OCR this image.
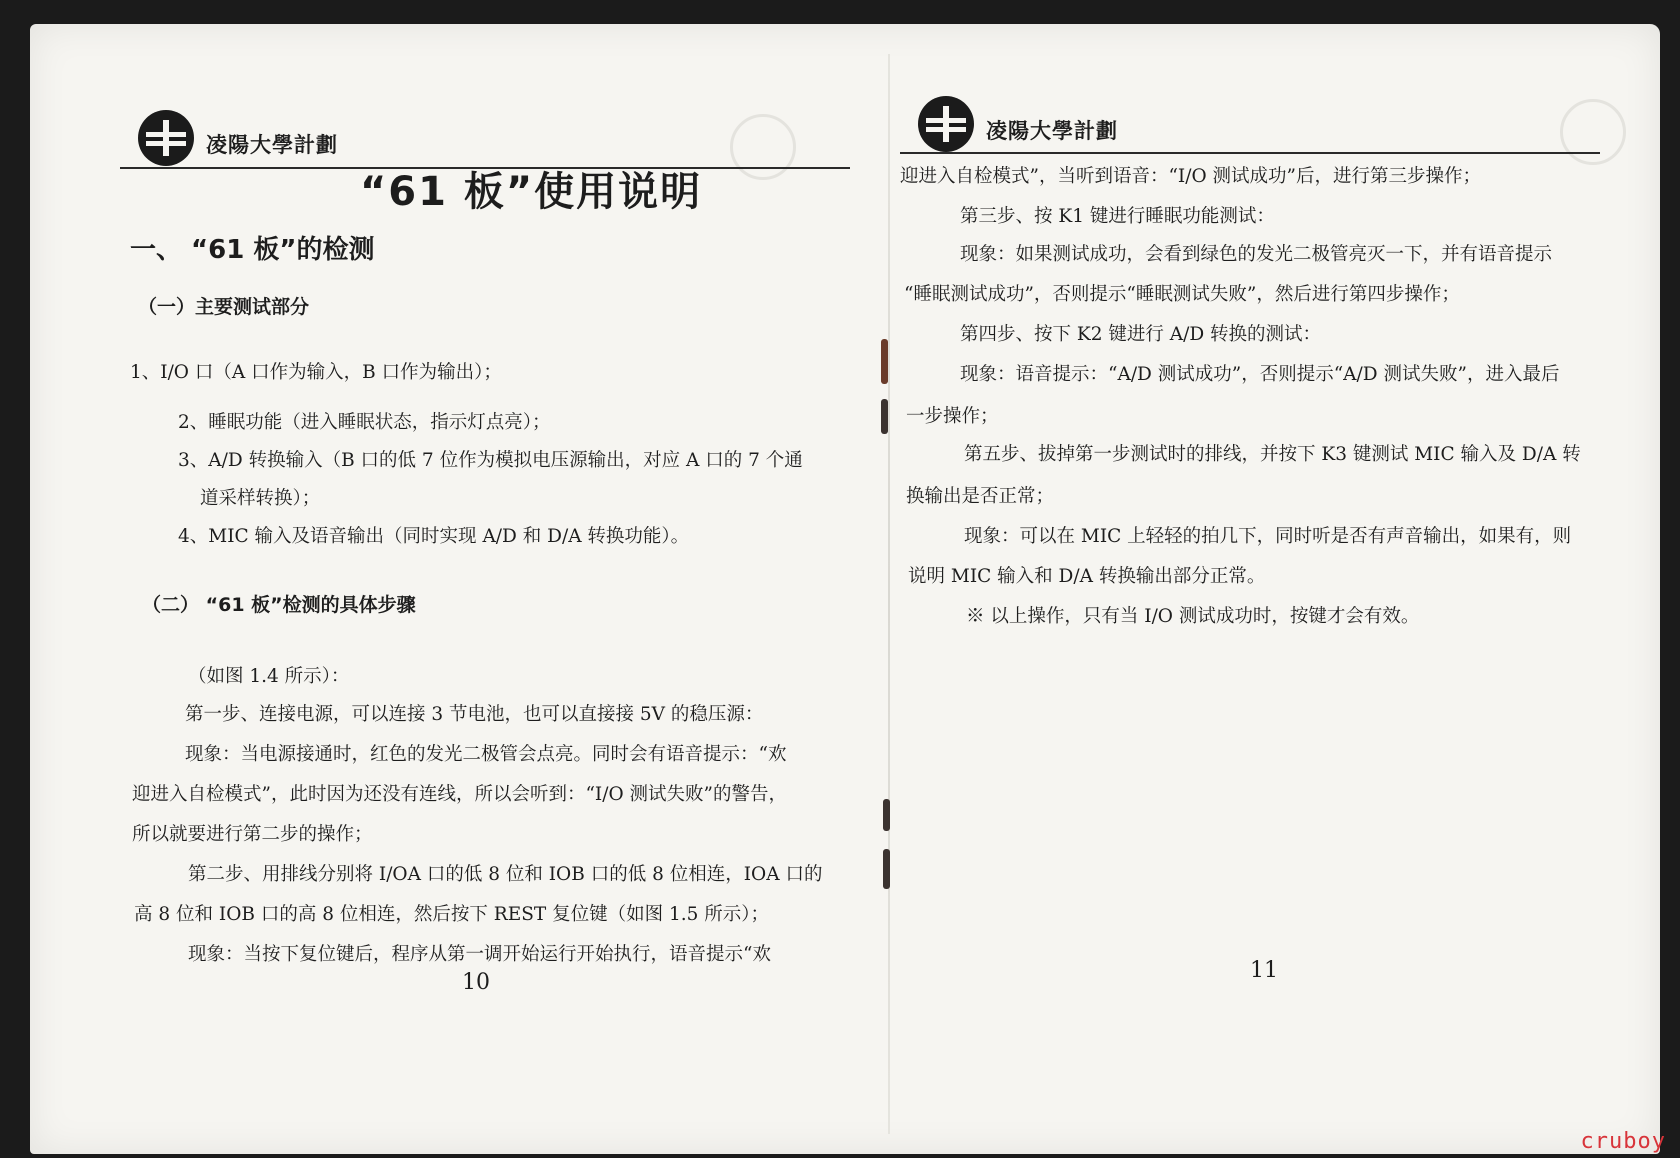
凌陽大學計劃
“61 板”使用说明
一、 “61 板”的检测
（一）主要测试部分
1、I/O 口（A 口作为输入，B 口作为输出）；
2、睡眠功能（进入睡眠状态，指示灯点亮）；
3、A/D 转换输入（B 口的低 7 位作为模拟电压源输出，对应 A 口的 7 个通
道采样转换）；
4、MIC 输入及语音输出（同时实现 A/D 和 D/A 转换功能）。
（二） “61 板”检测的具体步骤
（如图 1.4 所示）：
第一步、连接电源，可以连接 3 节电池，也可以直接接 5V 的稳压源：
现象：当电源接通时，红色的发光二极管会点亮。同时会有语音提示：“欢
迎进入自检模式”，此时因为还没有连线，所以会听到：“I/O 测试失败”的警告，
所以就要进行第二步的操作；
第二步、用排线分别将 I/OA 口的低 8 位和 IOB 口的低 8 位相连，IOA 口的
高 8 位和 IOB 口的高 8 位相连，然后按下 REST 复位键（如图 1.5 所示）；
现象：当按下复位键后，程序从第一调开始运行开始执行，语音提示“欢
10
凌陽大學計劃
迎进入自检模式”，当听到语音：“I/O 测试成功”后，进行第三步操作；
第三步、按 K1 键进行睡眠功能测试：
现象：如果测试成功，会看到绿色的发光二极管亮灭一下，并有语音提示
“睡眠测试成功”，否则提示“睡眠测试失败”，然后进行第四步操作；
第四步、按下 K2 键进行 A/D 转换的测试：
现象：语音提示：“A/D 测试成功”，否则提示“A/D 测试失败”，进入最后
一步操作；
第五步、拔掉第一步测试时的排线，并按下 K3 键测试 MIC 输入及 D/A 转
换输出是否正常；
现象：可以在 MIC 上轻轻的拍几下，同时听是否有声音输出，如果有，则
说明 MIC 输入和 D/A 转换输出部分正常。
※ 以上操作，只有当 I/O 测试成功时，按键才会有效。
11
cruboy
